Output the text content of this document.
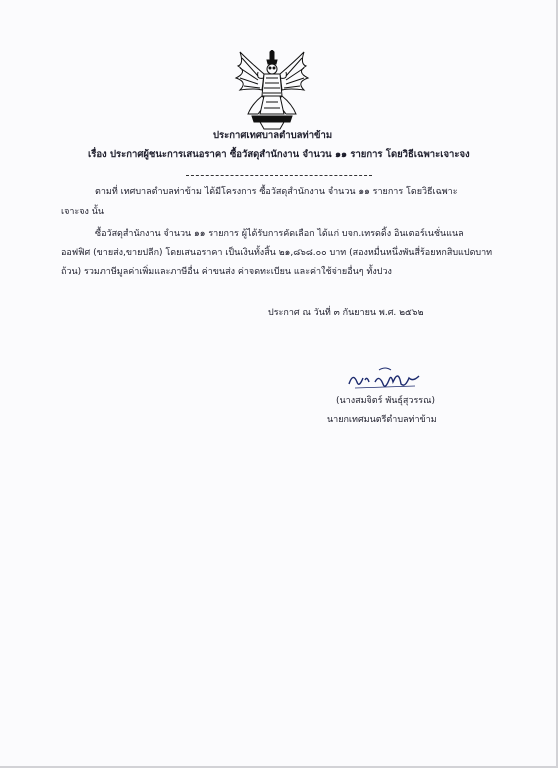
ประกาศเทศบาลตำบลท่าข้าม
เรื่อง ประกาศผู้ชนะการเสนอราคา ซื้อวัสดุสำนักงาน จำนวน ๑๑ รายการ โดยวิธีเฉพาะเจาะจง
ตามที่ เทศบาลตำบลท่าข้าม ได้มีโครงการ ซื้อวัสดุสำนักงาน จำนวน ๑๑ รายการ โดยวิธีเฉพาะ
เจาะจง นั้น
ซื้อวัสดุสำนักงาน จำนวน ๑๑ รายการ ผู้ได้รับการคัดเลือก ได้แก่ บจก.เทรดดิ้ง อินเตอร์เนชั่นแนล
ออฟฟิศ (ขายส่ง,ขายปลีก) โดยเสนอราคา เป็นเงินทั้งสิ้น ๒๑,๘๖๘.๐๐ บาท (สองหมื่นหนึ่งพันสี่ร้อยหกสิบแปดบาท
ถ้วน) รวมภาษีมูลค่าเพิ่มและภาษีอื่น ค่าขนส่ง ค่าจดทะเบียน และค่าใช้จ่ายอื่นๆ ทั้งปวง
ประกาศ ณ วันที่ ๓ กันยายน พ.ศ. ๒๕๖๒
(นางสมจิตร์ พันธุ์สุวรรณ)
นายกเทศมนตรีตำบลท่าข้าม
